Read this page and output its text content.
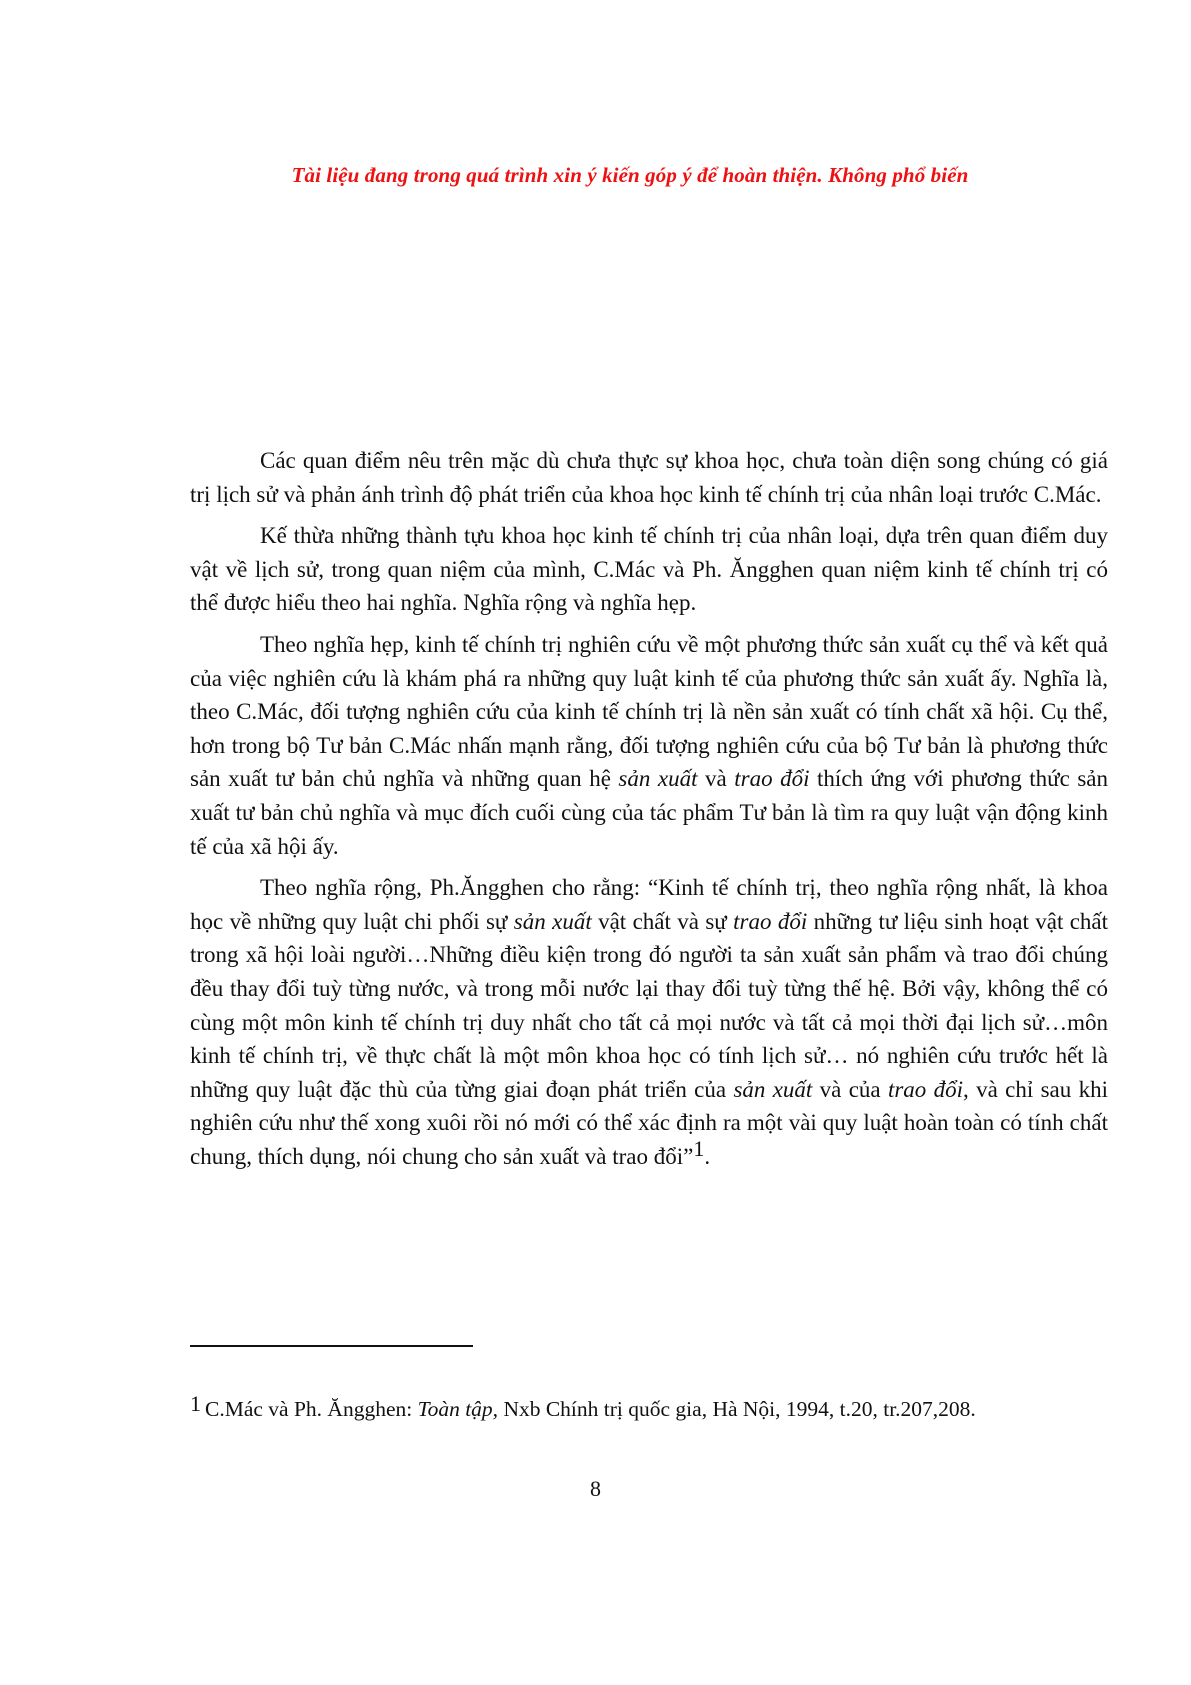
Tài liệu đang trong quá trình xin ý kiến góp ý để hoàn thiện. Không phổ biến

Các quan điểm nêu trên mặc dù chưa thực sự khoa học, chưa toàn diện song chúng có giá trị lịch sử và phản ánh trình độ phát triển của khoa học kinh tế chính trị của nhân loại trước C.Mác.

Kế thừa những thành tựu khoa học kinh tế chính trị của nhân loại, dựa trên quan điểm duy vật về lịch sử, trong quan niệm của mình, C.Mác và Ph. Ăngghen quan niệm kinh tế chính trị có thể được hiểu theo hai nghĩa. Nghĩa rộng và nghĩa hẹp.

Theo nghĩa hẹp, kinh tế chính trị nghiên cứu về một phương thức sản xuất cụ thể và kết quả của việc nghiên cứu là khám phá ra những quy luật kinh tế của phương thức sản xuất ấy. Nghĩa là, theo C.Mác, đối tượng nghiên cứu của kinh tế chính trị là nền sản xuất có tính chất xã hội. Cụ thể, hơn trong bộ Tư bản C.Mác nhấn mạnh rằng, đối tượng nghiên cứu của bộ Tư bản là phương thức sản xuất tư bản chủ nghĩa và những quan hệ sản xuất và trao đổi thích ứng với phương thức sản xuất tư bản chủ nghĩa và mục đích cuối cùng của tác phẩm Tư bản là tìm ra quy luật vận động kinh tế của xã hội ấy.

Theo nghĩa rộng, Ph.Ăngghen cho rằng: “Kinh tế chính trị, theo nghĩa rộng nhất, là khoa học về những quy luật chi phối sự sản xuất vật chất và sự trao đổi những tư liệu sinh hoạt vật chất trong xã hội loài người…Những điều kiện trong đó người ta sản xuất sản phẩm và trao đổi chúng đều thay đổi tuỳ từng nước, và trong mỗi nước lại thay đổi tuỳ từng thế hệ. Bởi vậy, không thể có cùng một môn kinh tế chính trị duy nhất cho tất cả mọi nước và tất cả mọi thời đại lịch sử…môn kinh tế chính trị, về thực chất là một môn khoa học có tính lịch sử… nó nghiên cứu trước hết là những quy luật đặc thù của từng giai đoạn phát triển của sản xuất và của trao đổi, và chỉ sau khi nghiên cứu như thế xong xuôi rồi nó mới có thể xác định ra một vài quy luật hoàn toàn có tính chất chung, thích dụng, nói chung cho sản xuất và trao đổi”1.

1 C.Mác và Ph. Ăngghen: Toàn tập, Nxb Chính trị quốc gia, Hà Nội, 1994, t.20, tr.207,208.

8
